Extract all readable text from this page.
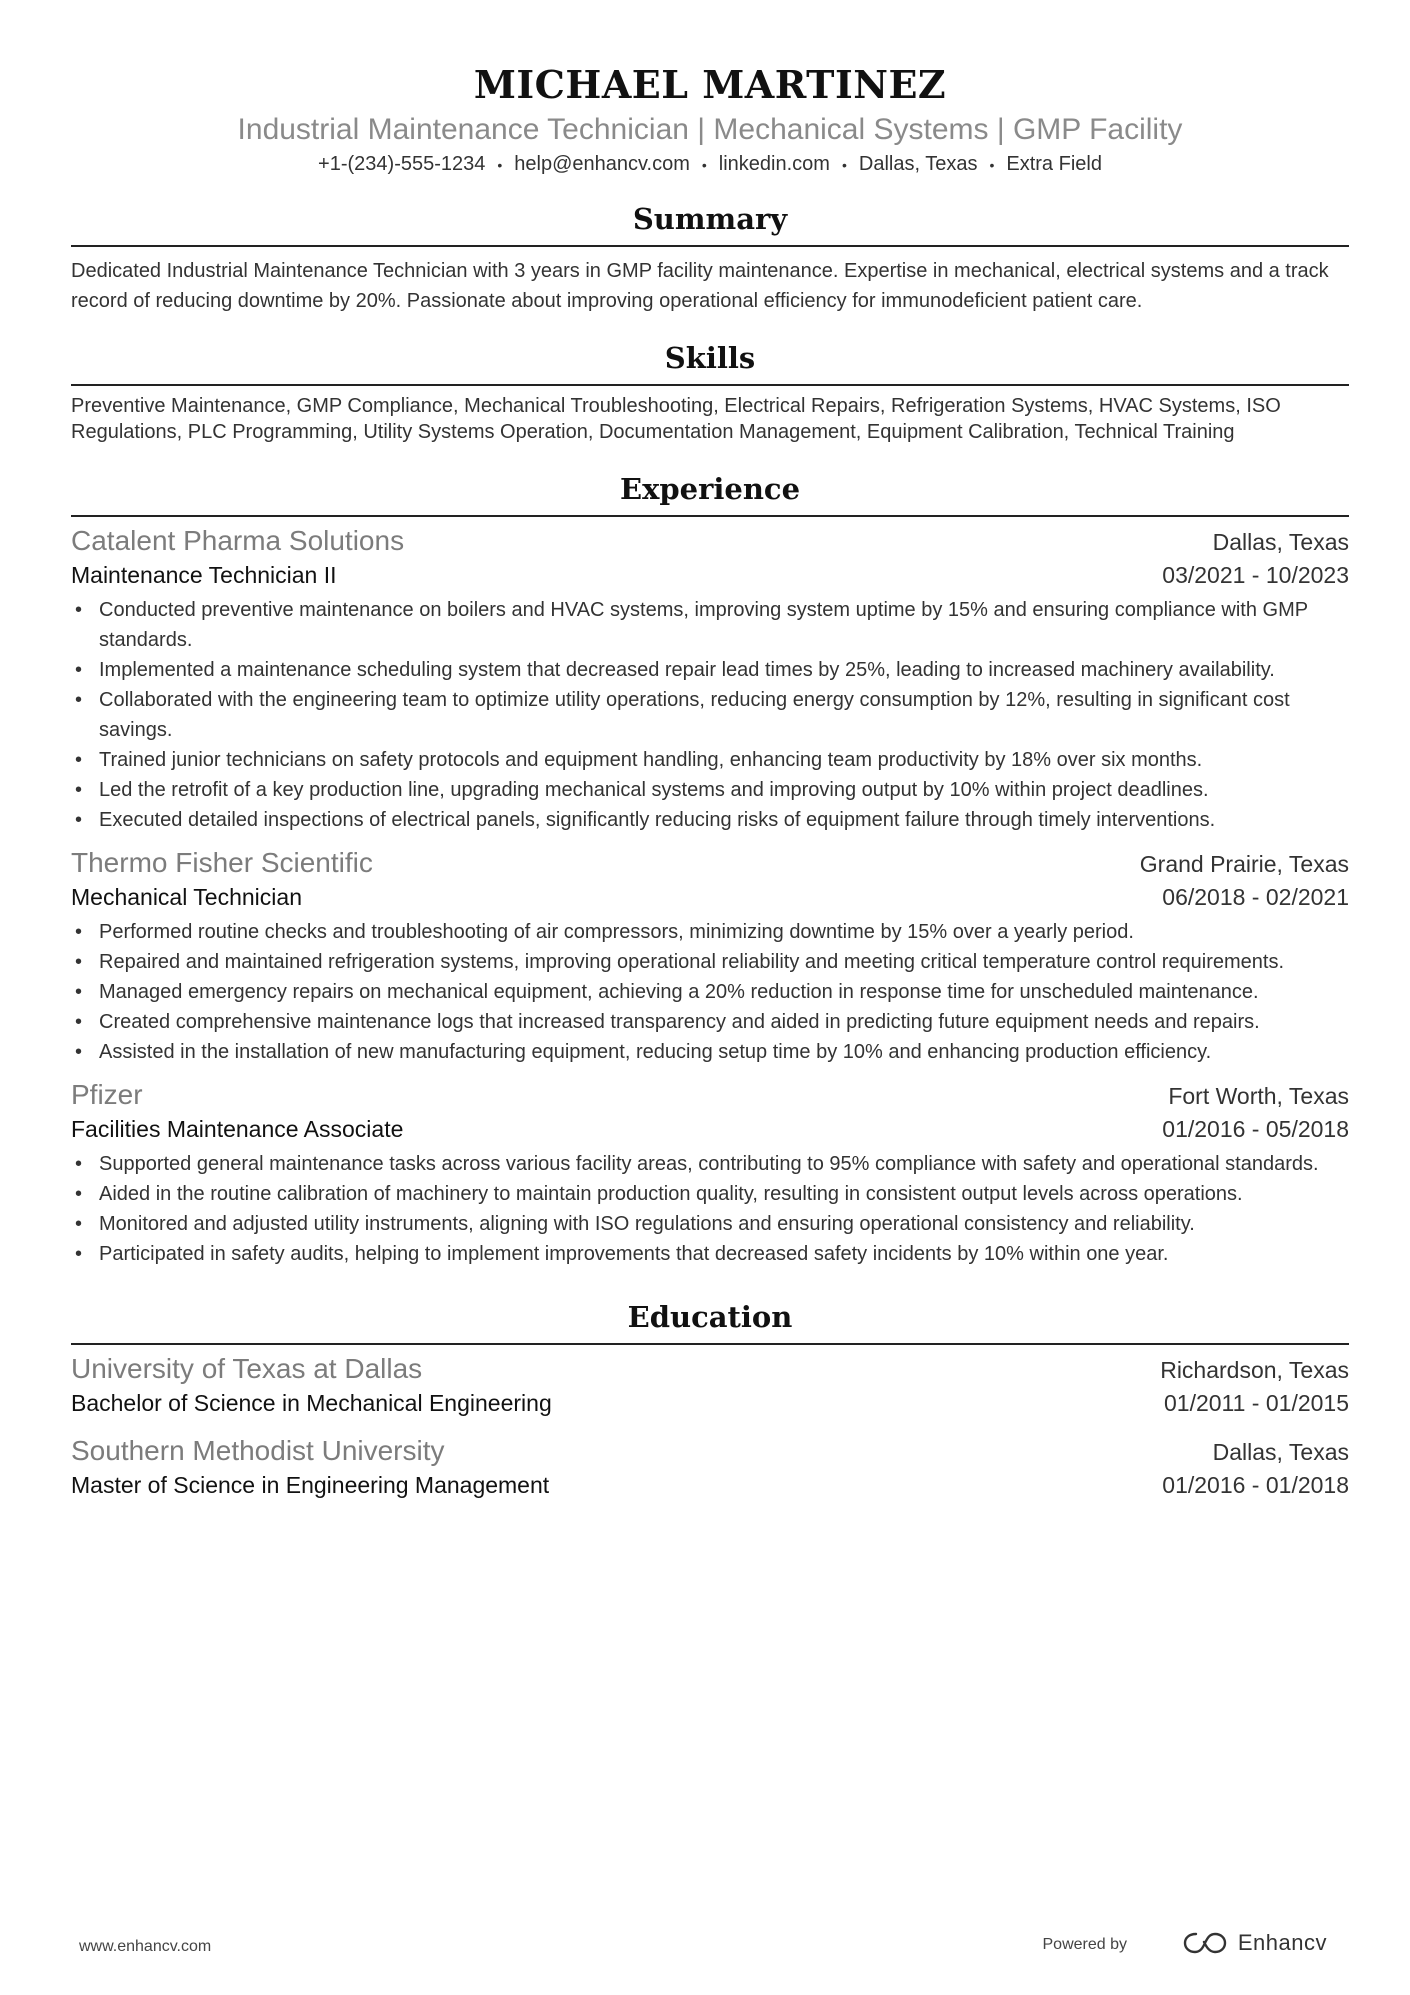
MICHAEL MARTINEZ
Industrial Maintenance Technician | Mechanical Systems | GMP Facility
+1-(234)-555-1234 • help@enhancv.com • linkedin.com • Dallas, Texas • Extra Field
Summary
Dedicated Industrial Maintenance Technician with 3 years in GMP facility maintenance. Expertise in mechanical, electrical systems and a track record of reducing downtime by 20%. Passionate about improving operational efficiency for immunodeficient patient care.
Skills
Preventive Maintenance, GMP Compliance, Mechanical Troubleshooting, Electrical Repairs, Refrigeration Systems, HVAC Systems, ISO Regulations, PLC Programming, Utility Systems Operation, Documentation Management, Equipment Calibration, Technical Training
Experience
Catalent Pharma Solutions	Dallas, Texas
Maintenance Technician II	03/2021 - 10/2023
• Conducted preventive maintenance on boilers and HVAC systems, improving system uptime by 15% and ensuring compliance with GMP standards.
• Implemented a maintenance scheduling system that decreased repair lead times by 25%, leading to increased machinery availability.
• Collaborated with the engineering team to optimize utility operations, reducing energy consumption by 12%, resulting in significant cost savings.
• Trained junior technicians on safety protocols and equipment handling, enhancing team productivity by 18% over six months.
• Led the retrofit of a key production line, upgrading mechanical systems and improving output by 10% within project deadlines.
• Executed detailed inspections of electrical panels, significantly reducing risks of equipment failure through timely interventions.
Thermo Fisher Scientific	Grand Prairie, Texas
Mechanical Technician	06/2018 - 02/2021
• Performed routine checks and troubleshooting of air compressors, minimizing downtime by 15% over a yearly period.
• Repaired and maintained refrigeration systems, improving operational reliability and meeting critical temperature control requirements.
• Managed emergency repairs on mechanical equipment, achieving a 20% reduction in response time for unscheduled maintenance.
• Created comprehensive maintenance logs that increased transparency and aided in predicting future equipment needs and repairs.
• Assisted in the installation of new manufacturing equipment, reducing setup time by 10% and enhancing production efficiency.
Pfizer	Fort Worth, Texas
Facilities Maintenance Associate	01/2016 - 05/2018
• Supported general maintenance tasks across various facility areas, contributing to 95% compliance with safety and operational standards.
• Aided in the routine calibration of machinery to maintain production quality, resulting in consistent output levels across operations.
• Monitored and adjusted utility instruments, aligning with ISO regulations and ensuring operational consistency and reliability.
• Participated in safety audits, helping to implement improvements that decreased safety incidents by 10% within one year.
Education
University of Texas at Dallas	Richardson, Texas
Bachelor of Science in Mechanical Engineering	01/2011 - 01/2015
Southern Methodist University	Dallas, Texas
Master of Science in Engineering Management	01/2016 - 01/2018
www.enhancv.com	Powered by	Enhancv
